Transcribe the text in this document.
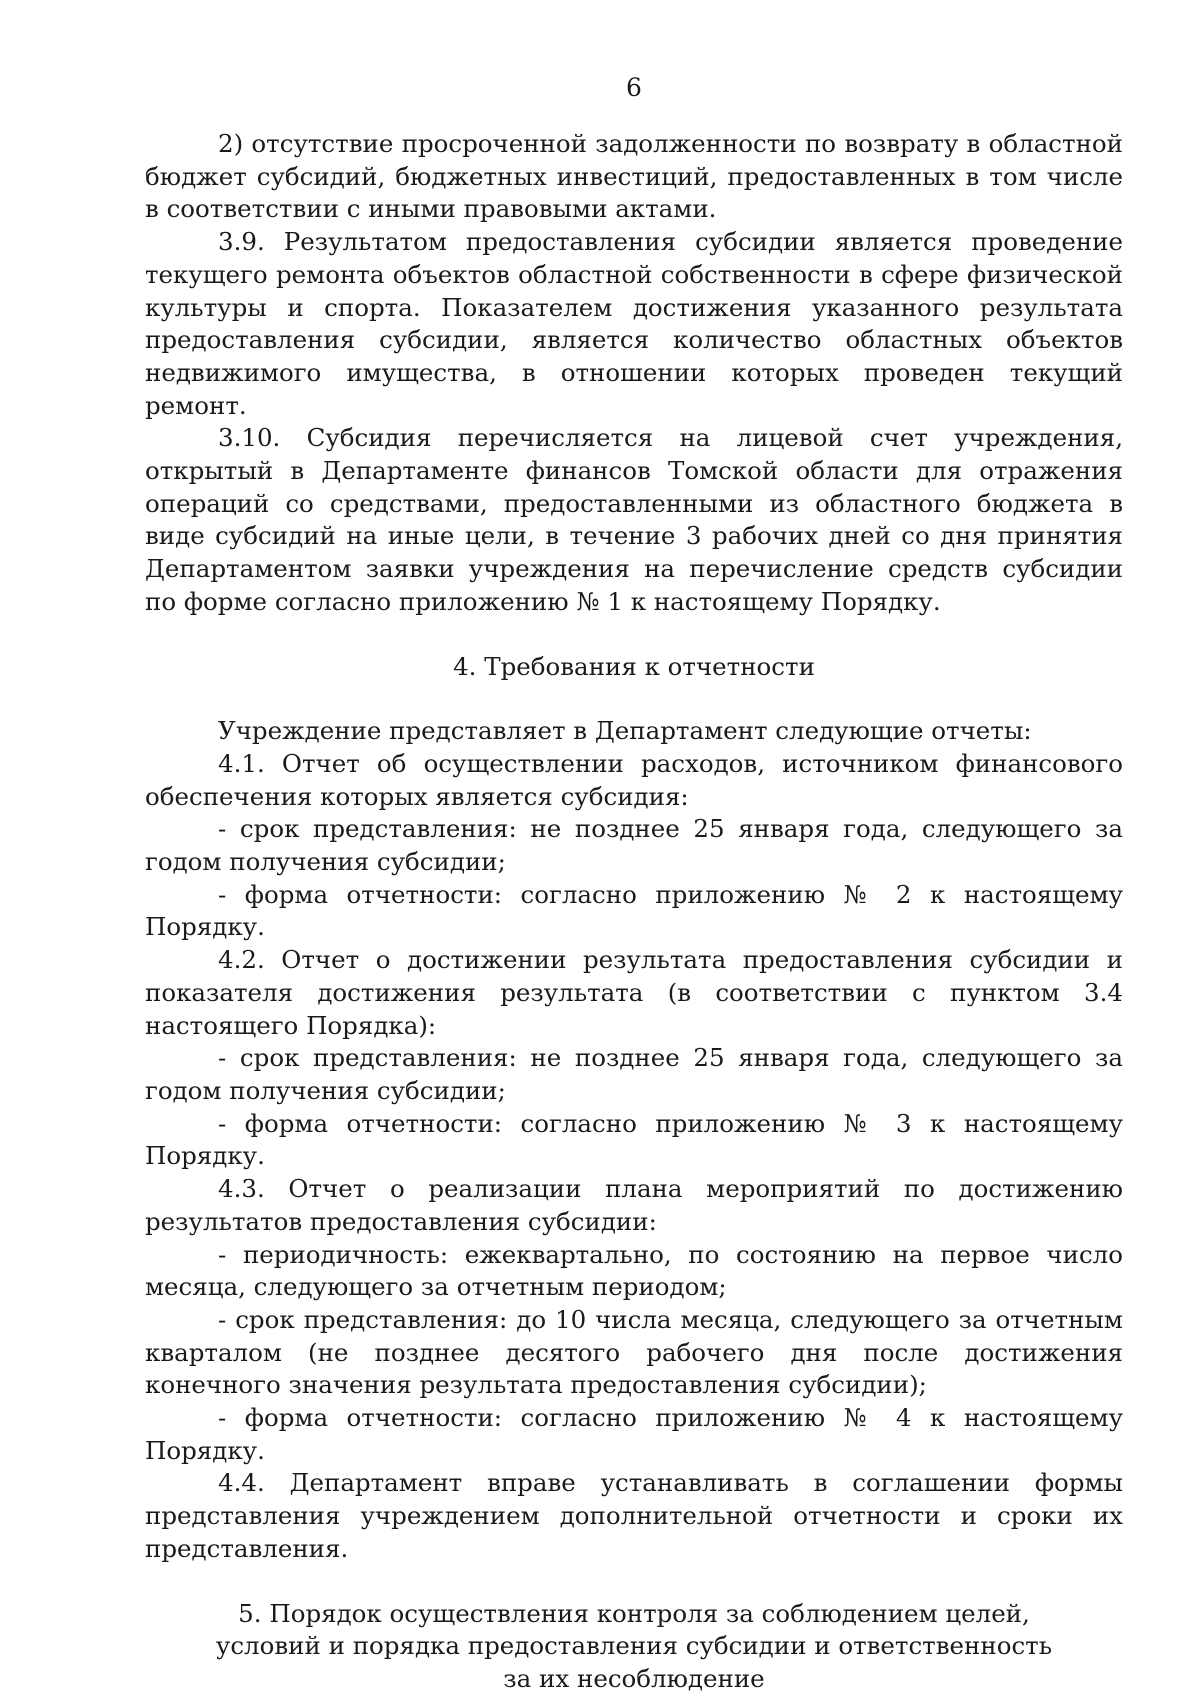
6

2) отсутствие просроченной задолженности по возврату в областной бюджет субсидий, бюджетных инвестиций, предоставленных в том числе в соответствии с иными правовыми актами.

3.9. Результатом предоставления субсидии является проведение текущего ремонта объектов областной собственности в сфере физической культуры и спорта. Показателем достижения указанного результата предоставления субсидии, является количество областных объектов недвижимого имущества, в отношении которых проведен текущий ремонт.

3.10. Субсидия перечисляется на лицевой счет учреждения, открытый в Департаменте финансов Томской области для отражения операций со средствами, предоставленными из областного бюджета в виде субсидий на иные цели, в течение 3 рабочих дней со дня принятия Департаментом заявки учреждения на перечисление средств субсидии по форме согласно приложению № 1 к настоящему Порядку.

4. Требования к отчетности

Учреждение представляет в Департамент следующие отчеты:

4.1. Отчет об осуществлении расходов, источником финансового обеспечения которых является субсидия:

- срок представления: не позднее 25 января года, следующего за годом получения субсидии;

- форма отчетности: согласно приложению № 2 к настоящему Порядку.

4.2. Отчет о достижении результата предоставления субсидии и показателя достижения результата (в соответствии с пунктом 3.4 настоящего Порядка):

- срок представления: не позднее 25 января года, следующего за годом получения субсидии;

- форма отчетности: согласно приложению № 3 к настоящему Порядку.

4.3. Отчет о реализации плана мероприятий по достижению результатов предоставления субсидии:

- периодичность: ежеквартально, по состоянию на первое число месяца, следующего за отчетным периодом;

- срок представления: до 10 числа месяца, следующего за отчетным кварталом (не позднее десятого рабочего дня после достижения конечного значения результата предоставления субсидии);

- форма отчетности: согласно приложению № 4 к настоящему Порядку.

4.4. Департамент вправе устанавливать в соглашении формы представления учреждением дополнительной отчетности и сроки их представления.

5. Порядок осуществления контроля за соблюдением целей, условий и порядка предоставления субсидии и ответственность за их несоблюдение
